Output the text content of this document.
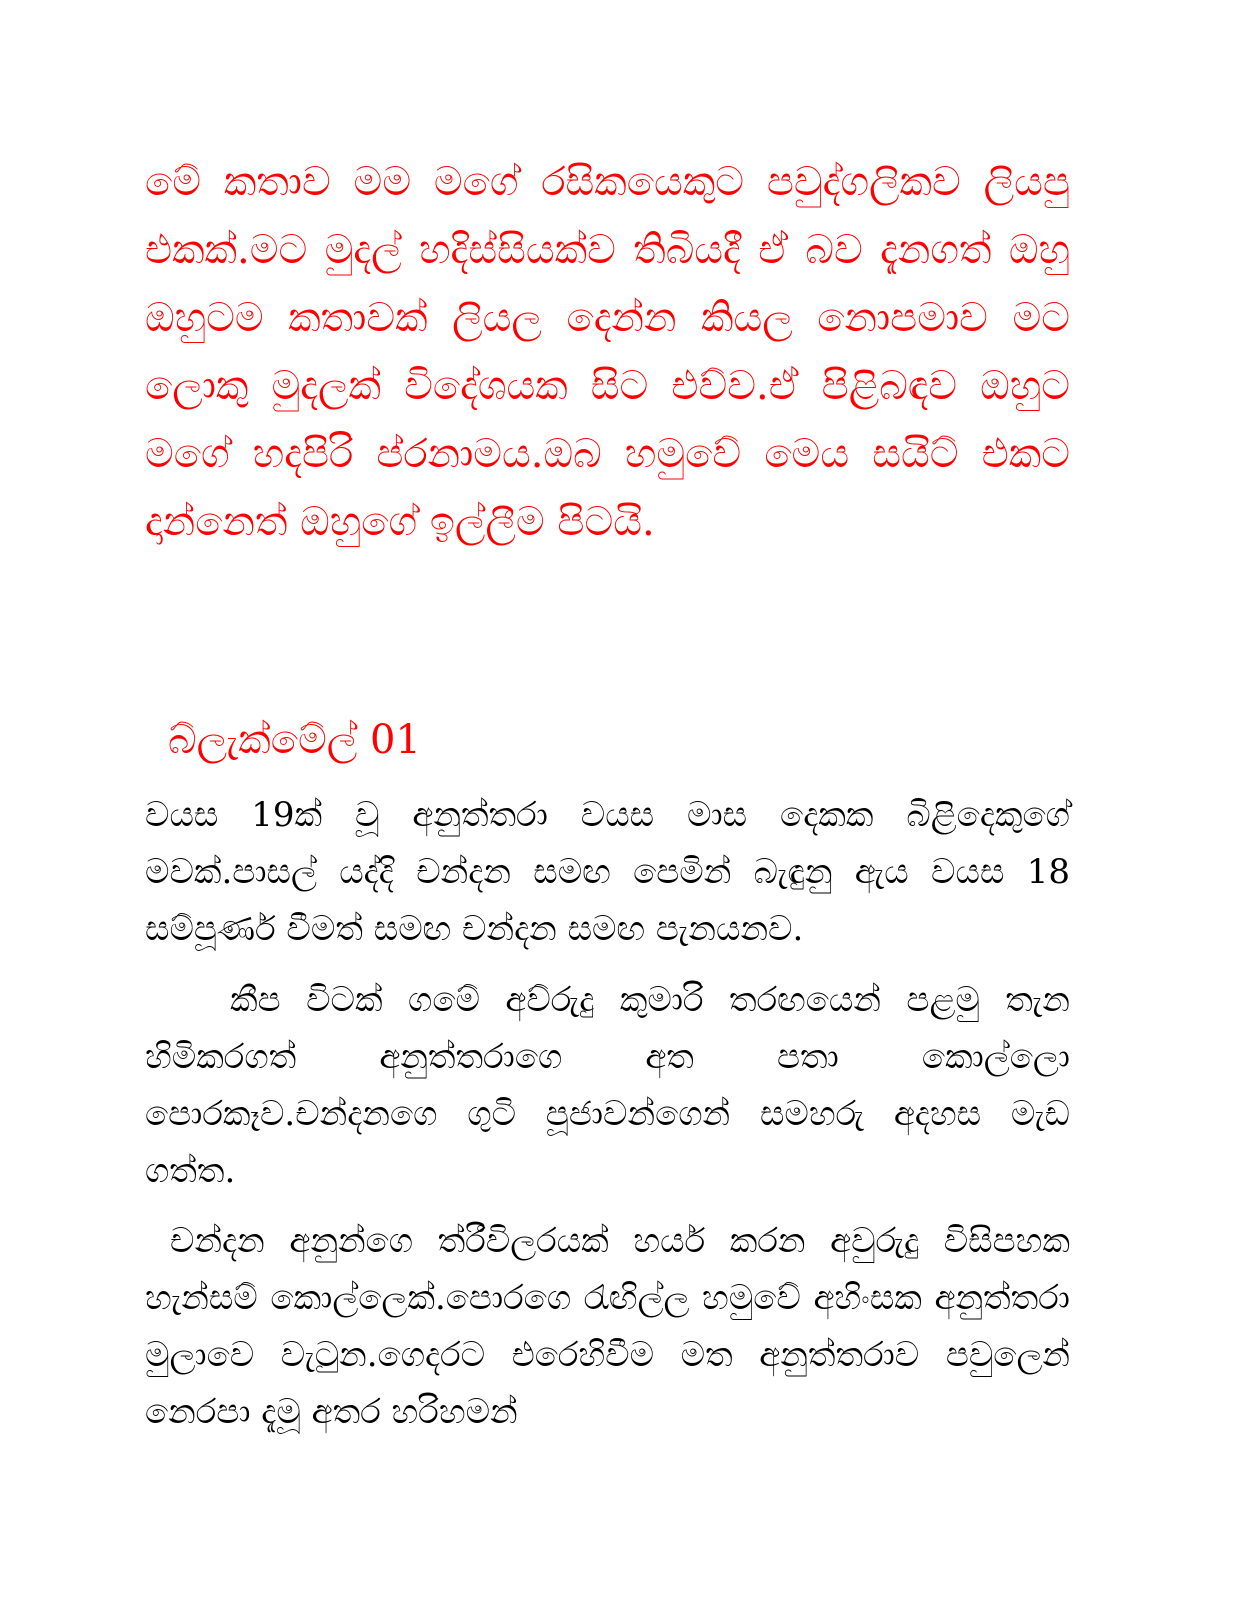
මේ කතාව මම මගේ රසිකයෙකුට පවුද්ගලිකව ලියපු එකක්.මට මුදල් හදිස්සියක්ව තිබියදී ඒ බව දැනගත් ඔහු ඔහුටම කතාවක් ලියල දෙන්න කියල නොපමාව මට ලොකු මුදලක් විදේශයක සිට එව්ව.ඒ පිළිබඳව ඔහුට මගේ හදපිරි ප්රනාමය.ඔබ හමුවේ මෙය සයිට් එකට දාන්නෙත් ඔහුගේ ඉල්ලීම පිටයි.
බ්ලැක්මේල් 01
වයස 19ක් වූ අනුත්තරා වයස මාස දෙකක බිළිදෙකුගේ මවක්.පාසල් යද්දි චන්දන සමඟ පෙමින් බැඳුනු ඇය වයස 18 සම්පූර්ණ වීමත් සමඟ චන්දන සමඟ පැනයනව.
කීප විටක් ගමේ අව්රුදු කුමාරි තරඟයෙන් පළමු තැන හිමිකරගත් අනුත්තරාගෙ අත පතා කොල්ලො පොරකෑව.චන්දනගෙ ගුටි පූජාවන්ගෙන් සමහරු අදහස මැඩ ගත්ත.
චන්දන අනුන්ගෙ ත්රීවිලරයක් හයර් කරන අවුරුදු විසිපහක හැන්සම් කොල්ලෙක්.පොරගෙ රැඟිල්ල හමුවේ අහිංසක අනුත්තරා මුලාවෙ වැටුන.ගෙදරට එරෙහිවීම මත අනුත්තරාව පවුලෙන් නෙරපා දැමූ අතර හරිහමන්
